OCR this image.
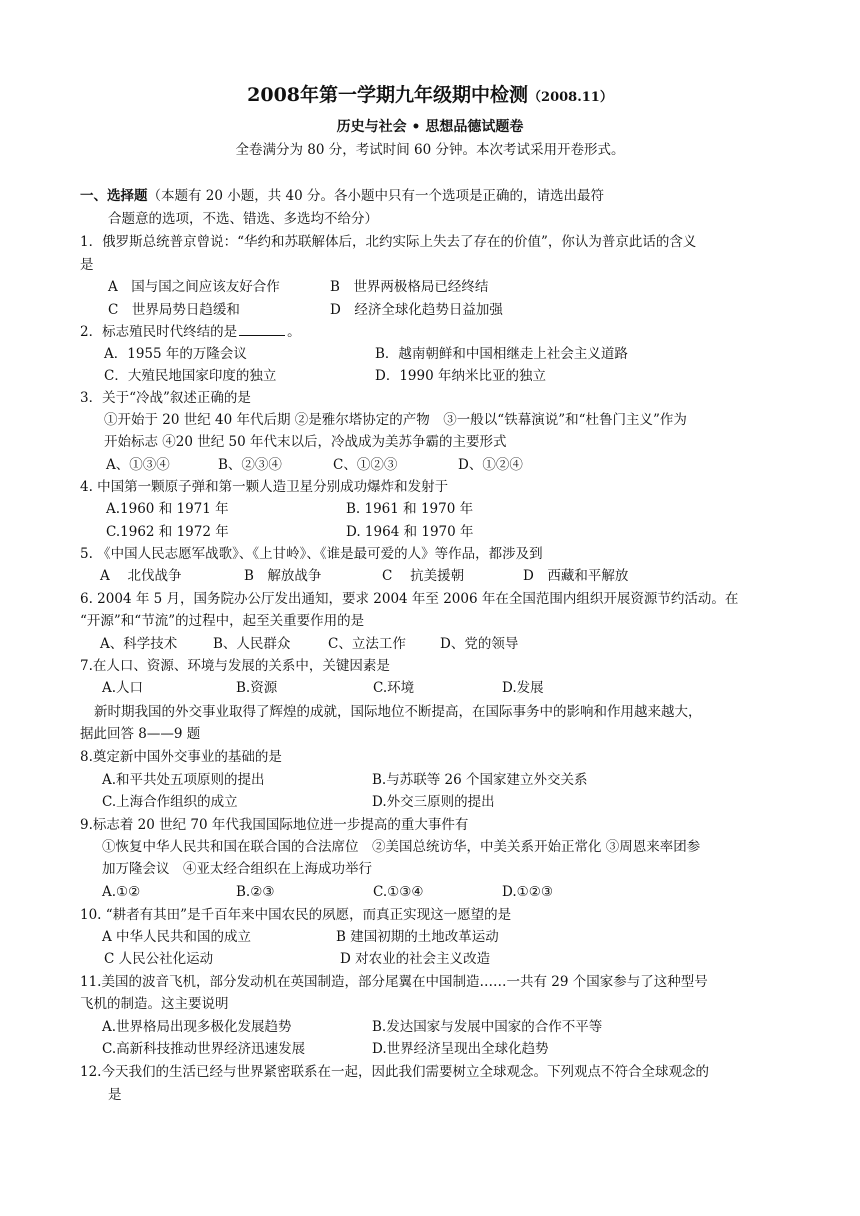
2008年第一学期九年级期中检测（2008.11）
历史与社会 • 思想品德试题卷
全卷满分为 80 分，考试时间 60 分钟。本次考试采用开卷形式。
一、选择题（本题有 20 小题，共 40 分。各小题中只有一个选项是正确的，请选出最符
合题意的选项，不选、错选、多选均不给分）
1．俄罗斯总统普京曾说：“华约和苏联解体后，北约实际上失去了存在的价值”，你认为普京此话的含义
是
A　国与国之间应该友好合作	B　世界两极格局已经终结
C　世界局势日趋缓和	D　经济全球化趋势日益加强
2．标志殖民时代终结的是	。
A．1955 年的万隆会议	B．越南朝鲜和中国相继走上社会主义道路
C．大殖民地国家印度的独立	D．1990 年纳米比亚的独立
3．关于“冷战”叙述正确的是
①开始于 20 世纪 40 年代后期 ②是雅尔塔协定的产物　③一般以“铁幕演说”和“杜鲁门主义”作为
开始标志 ④20 世纪 50 年代末以后，冷战成为美苏争霸的主要形式
A、①③④	B、②③④	C、①②③	D、①②④
4. 中国第一颗原子弹和第一颗人造卫星分别成功爆炸和发射于
A.1960 和 1971 年	B. 1961 和 1970 年
C.1962 和 1972 年	D. 1964 和 1970 年
5. 《中国人民志愿军战歌》、《上甘岭》、《谁是最可爱的人》等作品，都涉及到
A　 北伐战争	B　解放战争	C　 抗美援朝	D　西藏和平解放
6. 2004 年 5 月，国务院办公厅发出通知，要求 2004 年至 2006 年在全国范围内组织开展资源节约活动。在
“开源”和“节流”的过程中，起至关重要作用的是
A、科学技术	B、人民群众	C、立法工作	D、党的领导
7.在人口、资源、环境与发展的关系中，关键因素是
A.人口	B.资源	C.环境	D.发展
新时期我国的外交事业取得了辉煌的成就，国际地位不断提高，在国际事务中的影响和作用越来越大，
据此回答 8——9 题
8.奠定新中国外交事业的基础的是
A.和平共处五项原则的提出	B.与苏联等 26 个国家建立外交关系
C.上海合作组织的成立	D.外交三原则的提出
9.标志着 20 世纪 70 年代我国国际地位进一步提高的重大事件有
①恢复中华人民共和国在联合国的合法席位　②美国总统访华，中美关系开始正常化 ③周恩来率团参
加万隆会议　④亚太经合组织在上海成功举行
A.①②	B.②③	C.①③④	D.①②③
10. “耕者有其田”是千百年来中国农民的夙愿，而真正实现这一愿望的是
A 中华人民共和国的成立	B 建国初期的土地改革运动
C 人民公社化运动	D 对农业的社会主义改造
11.美国的波音飞机，部分发动机在英国制造，部分尾翼在中国制造……一共有 29 个国家参与了这种型号
飞机的制造。这主要说明
A.世界格局出现多极化发展趋势	B.发达国家与发展中国家的合作不平等
C.高新科技推动世界经济迅速发展	D.世界经济呈现出全球化趋势
12.今天我们的生活已经与世界紧密联系在一起，因此我们需要树立全球观念。下列观点不符合全球观念的
是
